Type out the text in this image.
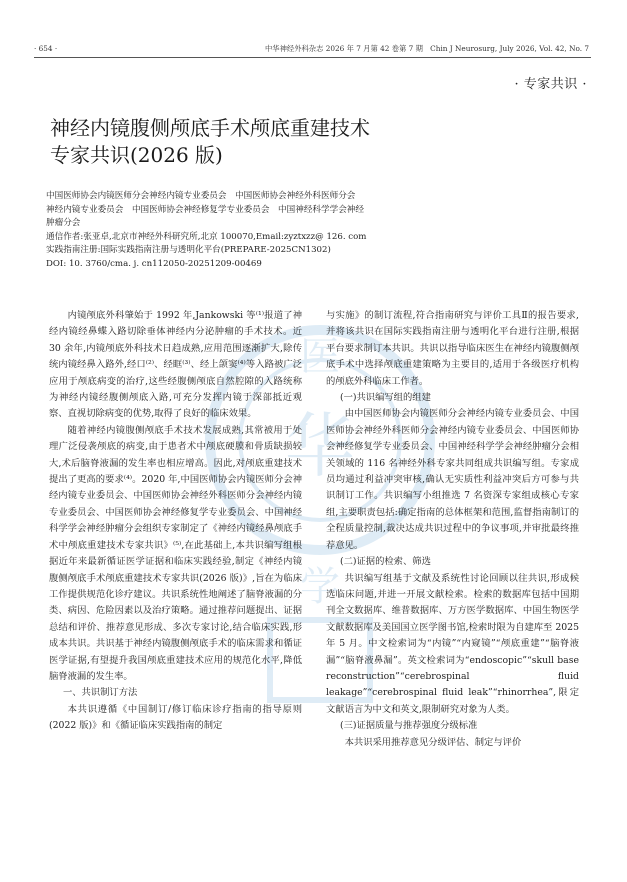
· 654 ·	中华神经外科杂志 2026 年 7 月第 42 卷第 7 期　Chin J Neurosurg, July 2026, Vol. 42, No. 7
· 专家共识 ·
神经内镜腹侧颅底手术颅底重建技术
专家共识(2026 版)
中国医师协会内镜医师分会神经内镜专业委员会　中国医师协会神经外科医师分会
神经内镜专业委员会　中国医师协会神经修复学专业委员会　中国神经科学学会神经
肿瘤分会
通信作者:张亚卓,北京市神经外科研究所,北京 100070,Email:zyztxzz@ 126. com
实践指南注册:国际实践指南注册与透明化平台(PREPARE-2025CN1302)
DOI: 10. 3760/cma. j. cn112050-20251209-00469
医
华
学

内镜颅底外科肇始于 1992 年,Jankowski 等⁽¹⁾报道了神经内镜经鼻蝶入路切除垂体神经内分泌肿瘤的手术技术。近 30 余年,内镜颅底外科技术日趋成熟,应用范围逐渐扩大,除传统内镜经鼻入路外,经口⁽²⁾、经眶⁽³⁾、经上颌窦⁽⁴⁾等入路被广泛应用于颅底病变的治疗,这些经腹侧颅底自然腔隙的入路统称为神经内镜经腹侧颅底入路,可充分发挥内镜于深部抵近观察、直视切除病变的优势,取得了良好的临床效果。

随着神经内镜腹侧颅底手术技术发展成熟,其常被用于处理广泛侵袭颅底的病变,由于患者术中颅底硬膜和骨质缺损较大,术后脑脊液漏的发生率也相应增高。因此,对颅底重建技术提出了更高的要求⁽⁴⁾。2020 年,中国医师协会内镜医师分会神经内镜专业委员会、中国医师协会神经外科医师分会神经内镜专业委员会、中国医师协会神经修复学专业委员会、中国神经科学学会神经肿瘤分会组织专家制定了《神经内镜经鼻颅底手术中颅底重建技术专家共识》⁽⁵⁾,在此基础上,本共识编写组根据近年来最新循证医学证据和临床实践经验,制定《神经内镜腹侧颅底手术颅底重建技术专家共识(2026 版)》,旨在为临床工作提供规范化诊疗建议。共识系统性地阐述了脑脊液漏的分类、病因、危险因素以及治疗策略。通过推荐问题提出、证据总结和评价、推荐意见形成、多次专家讨论,结合临床实践,形成本共识。共识基于神经内镜腹侧颅底手术的临床需求和循证医学证据,有望提升我国颅底重建技术应用的规范化水平,降低脑脊液漏的发生率。

一、共识制订方法

本共识遵循《中国制订/修订临床诊疗指南的指导原则(2022 版)》和《循证临床实践指南的制定

与实施》的制订流程,符合指南研究与评价工具Ⅱ的报告要求,并将该共识在国际实践指南注册与透明化平台进行注册,根据平台要求制订本共识。共识以指导临床医生在神经内镜腹侧颅底手术中选择颅底重建策略为主要目的,适用于各级医疗机构的颅底外科临床工作者。

(一)共识编写组的组建

由中国医师协会内镜医师分会神经内镜专业委员会、中国医师协会神经外科医师分会神经内镜专业委员会、中国医师协会神经修复学专业委员会、中国神经科学学会神经肿瘤分会相关领域的 116 名神经外科专家共同组成共识编写组。专家成员均通过利益冲突审核,确认无实质性利益冲突后方可参与共识制订工作。共识编写小组推选 7 名资深专家组成核心专家组,主要职责包括:确定指南的总体框架和范围,监督指南制订的全程质量控制,裁决达成共识过程中的争议事项,并审批最终推荐意见。

(二)证据的检索、筛选

共识编写组基于文献及系统性讨论回顾以往共识,形成候选临床问题,并进一开展文献检索。检索的数据库包括中国期刊全文数据库、维普数据库、万方医学数据库、中国生物医学文献数据库及美国国立医学图书馆,检索时限为自建库至 2025 年 5 月。中文检索词为“内镜”“内窥镜”“颅底重建”“脑脊液漏”“脑脊液鼻漏”。英文检索词为“endoscopic”“skull base reconstruction”“cerebrospinal fluid leakage”“cerebrospinal fluid leak”“rhinorrhea”,限定文献语言为中文和英文,限制研究对象为人类。

(三)证据质量与推荐强度分级标准

本共识采用推荐意见分级评估、制定与评价
